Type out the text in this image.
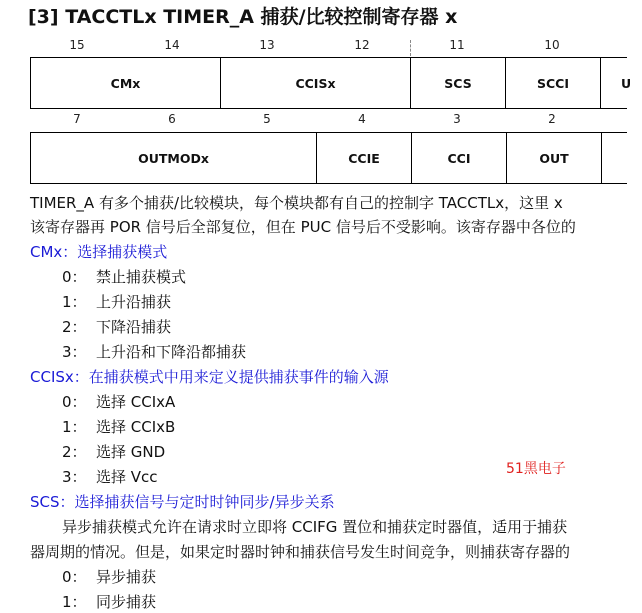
[3] TACCTLx TIMER_A 捕获/比较控制寄存器 x
15	14	13	12	11	10
CMx	CCISx	SCS	SCCI	U
7	6	5	4	3	2
OUTMODx	CCIE	CCI	OUT
TIMER_A 有多个捕获/比较模块，每个模块都有自己的控制字 TACCTLx，这里 x
该寄存器再 POR 信号后全部复位，但在 PUC 信号后不受影响。该寄存器中各位的
CMx：选择捕获模式
0： 禁止捕获模式
1： 上升沿捕获
2： 下降沿捕获
3： 上升沿和下降沿都捕获
CCISx：在捕获模式中用来定义提供捕获事件的输入源
0： 选择 CCIxA
1： 选择 CCIxB
2： 选择 GND
3： 选择 Vcc	51黑电子
SCS：选择捕获信号与定时时钟同步/异步关系
异步捕获模式允许在请求时立即将 CCIFG 置位和捕获定时器值，适用于捕获
器周期的情况。但是，如果定时器时钟和捕获信号发生时间竞争，则捕获寄存器的
0： 异步捕获
1： 同步捕获
